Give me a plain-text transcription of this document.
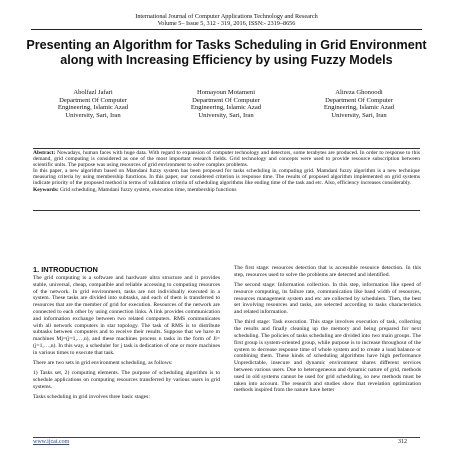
International Journal of Computer Applications Technology and Research
Volume 5– Issue 5, 312 - 319, 2016, ISSN:- 2319–8656
Presenting an Algorithm for Tasks Scheduling in Grid Environment along with Increasing Efficiency by using Fuzzy Models
Abolfazl Jafari
Department Of Computer
Engineering, Islamic Azad
University, Sari, Iran
Homayoun Motameni
Department Of Computer
Engineering, Islamic Azad
University, Sari, Iran
Alireza Ghonoodi
Department Of Computer
Engineering, Islamic Azad
University, Sari, Iran
Abstract: Nowadays, human faces with huge data. With regard to expansion of computer technology and detectors, some terabytes are produced. In order to response to this demand, grid computing is considered as one of the most important research fields. Grid technology and concepts were used to provide resource subscription between scientific units. The purpose was using resources of grid environment to solve complex problems.
In this paper, a new algorithm based on Mamdani fuzzy system has been proposed for tasks scheduling in computing grid. Mamdani fuzzy algorithm is a new technique measuring criteria by using membership functions. In this paper, our considered criterion is response time. The results of proposed algorithm implemented on grid systems indicate priority of the proposed method in terms of validation criteria of scheduling algorithms like ending time of the task and etc. Also, efficiency increases considerably.
Keywords: Grid scheduling, Mamdani fuzzy system, execution time, membership functions
1. INTRODUCTION

The grid computing is a software and hardware ultra structure and it provides stable, universal, cheap, compatible and reliable accessing to computing resources of the network. In grid environment, tasks are not individually executed in a system. These tasks are divided into subtasks, and each of them is transferred to resources that are the member of grid for execution. Resources of the network are connected to each other by using connection links. A link provides communication and information exchange between two related computers. RMS communicates with all network computers in star topology. The task of RMS is to distribute subtasks between computers and to receive their results. Suppose that we have m machines Mj=(j=1,…,n), and these machines process n tasks in the form of Ji=(j=1,…,n). In this way, a scheduler for j task is dedication of one or more machines in various times to execute that task.

There are two sets in grid environment scheduling, as follows:

1) Tasks set, 2) computing elements. The purpose of scheduling algorithm is to schedule applications on computing resources transferred by various users in grid systems.

Tasks scheduling in grid involves three basic stages:

The first stage: resources detection that is accessible resource detection. In this step, resources used to solve the problems are detected and identified.

The second stage: Information collection. In this step, information like speed of resource computing, its failure rate, communication like band width of resources, resources management system and etc are collected by schedulers. Then, the best set involving resources and tasks, are selected according to tasks characteristics and related information.

The third stage: Task execution. This stage involves execution of task, collecting the results and finally cleaning up the memory and being prepared for next scheduling. The policies of tasks scheduling are divided into two main groups. The first group is system-oriented group, while purpose is to increase throughout of the system to decrease response time of whole system and to create a load balance or combining them. These kinds of scheduling algorithms have high performance Unpredictable, insecure and dynamic environment shares different services between various users. Due to heterogeneous and dynamic nature of grid, methods used in old systems cannot be used for grid scheduling, so new methods must be taken into account. The research and studies show that revelation optimization methods inspired from the nature have better

www.ijcat.com	312
